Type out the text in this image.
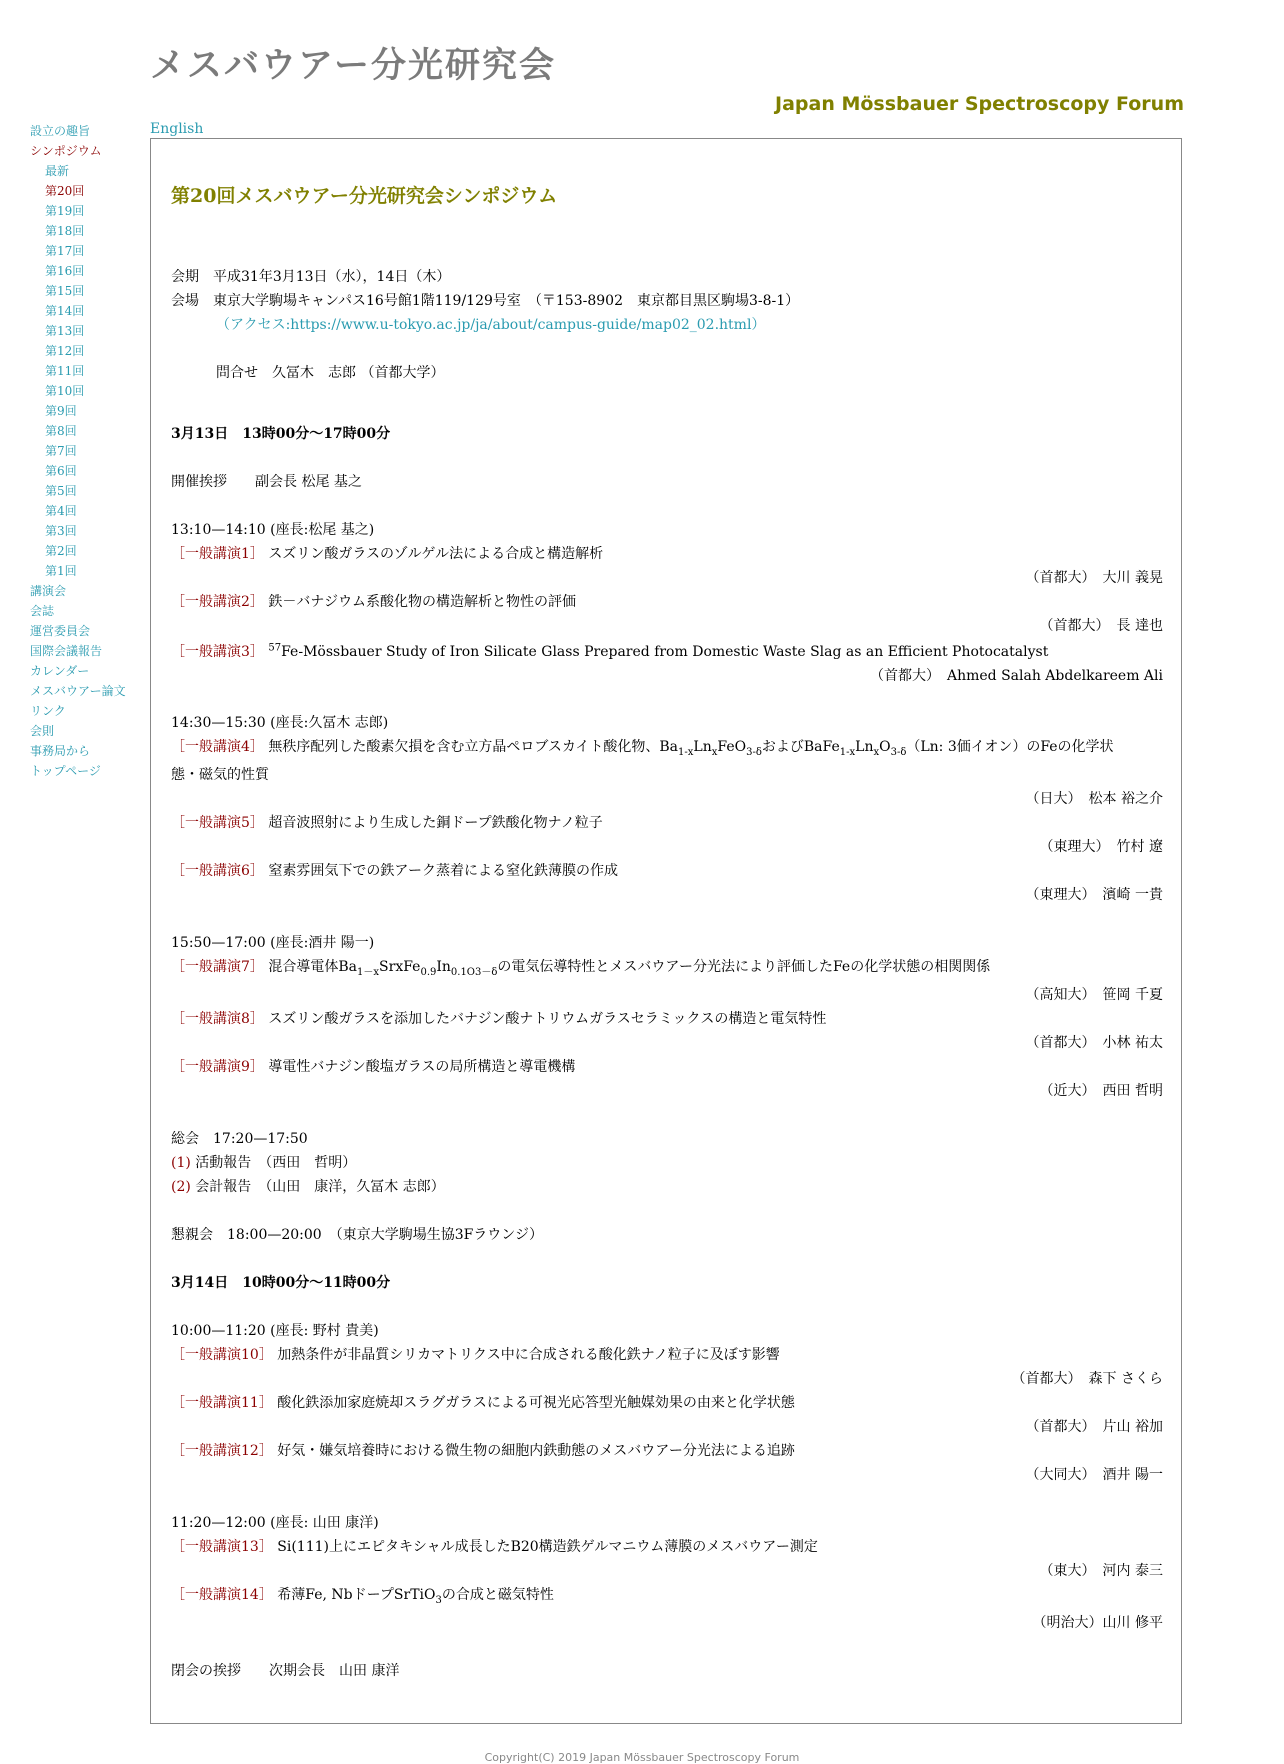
メスバウアー分光研究会
Japan Mössbauer Spectroscopy Forum
設立の趣旨
シンポジウム
最新
第20回
第19回
第18回
第17回
第16回
第15回
第14回
第13回
第12回
第11回
第10回
第9回
第8回
第7回
第6回
第5回
第4回
第3回
第2回
第1回
講演会
会誌
運営委員会
国際会議報告
カレンダー
メスバウアー論文
リンク
会則
事務局から
トップページ
English
第20回メスバウアー分光研究会シンポジウム
会期　平成31年3月13日（水），14日（木）
会場　東京大学駒場キャンパス16号館1階119/129号室　（〒153-8902　東京都目黒区駒場3-8-1）
（アクセス:https://www.u-tokyo.ac.jp/ja/about/campus-guide/map02_02.html）
問合せ　久冨木　志郎 （首都大学）
3月13日　13時00分～17時00分
開催挨拶　　副会長 松尾 基之
13:10—14:10 (座長:松尾 基之)
［一般講演1］ スズリン酸ガラスのゾルゲル法による合成と構造解析
（首都大）　大川 義晃
［一般講演2］ 鉄－バナジウム系酸化物の構造解析と物性の評価
（首都大）　長 達也
［一般講演3］ $^{57}$Fe-Mössbauer Study of Iron Silicate Glass Prepared from Domestic Waste Slag as an Efficient Photocatalyst
（首都大）　Ahmed Salah Abdelkareem Ali
14:30—15:30 (座長:久冨木 志郎)
［一般講演4］ 無秩序配列した酸素欠損を含む立方晶ペロブスカイト酸化物、$Ba_{1-x}Ln_xFeO_{3-\delta}$および$BaFe_{1-x}Ln_xO_{3-\delta}(Ln$: 3価イオン）のFeの化学状
態・磁気的性質
（日大）　松本 裕之介
［一般講演5］ 超音波照射により生成した銅ドープ鉄酸化物ナノ粒子
（東理大）　竹村 遼
［一般講演6］ 窒素雰囲気下での鉄アーク蒸着による窒化鉄薄膜の作成
（東理大）　濱崎 一貴
15:50—17:00 (座長:酒井 陽一)
［一般講演7］ 混合導電体$Ba_{1-x}SrxFe_{0.9}In_{0.1O3-\delta}$の電気伝導特性とメスバウアー分光法により評価したFeの化学状態の相関関係
（高知大）　笹岡 千夏
［一般講演8］ スズリン酸ガラスを添加したバナジン酸ナトリウムガラスセラミックスの構造と電気特性
（首都大）　小林 祐太
［一般講演9］ 導電性バナジン酸塩ガラスの局所構造と導電機構
（近大）　西田 哲明
総会　17:20—17:50
(1) 活動報告　（西田　哲明）
(2) 会計報告　（山田　康洋，久冨木 志郎）
懇親会　18:00—20:00　（東京大学駒場生協3Fラウンジ）
3月14日　10時00分～11時00分
10:00—11:20 (座長: 野村 貴美)
［一般講演10］ 加熱条件が非晶質シリカマトリクス中に合成される酸化鉄ナノ粒子に及ぼす影響
（首都大）　森下 さくら
［一般講演11］ 酸化鉄添加家庭焼却スラグガラスによる可視光応答型光触媒効果の由来と化学状態
（首都大）　片山 裕加
［一般講演12］ 好気・嫌気培養時における微生物の細胞内鉄動態のメスバウアー分光法による追跡
（大同大）　酒井 陽一
11:20—12:00 (座長: 山田 康洋)
［一般講演13］ Si(111)上にエピタキシャル成長したB20構造鉄ゲルマニウム薄膜のメスバウアー測定
（東大）　河内 泰三
［一般講演14］ 希薄Fe, NbドープSrTiO$_3$の合成と磁気特性
（明治大）山川 修平
閉会の挨拶　　次期会長　山田 康洋
Copyright(C) 2019 Japan Mössbauer Spectroscopy Forum
